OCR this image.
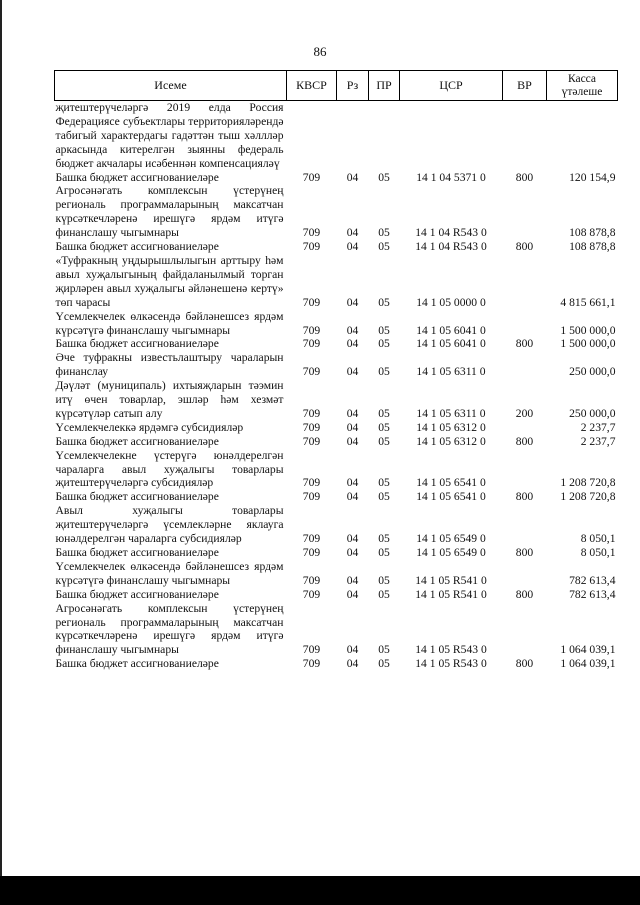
86
Исеме	КВСР	Рз	ПР	ЦСР	ВР	Касса
үтәлеше
җитештерүчеләргә 2019 елда Россия Федерациясе субъектлары территорияләрендә табигый характердагы гадәттән тыш хәллләр аркасында китерелгән зыянны федераль бюджет акчалары исәбеннән компенсацияләү						
Башка бюджет ассигнованиеләре	709	04	05	14 1 04 5371 0	800	120 154,9
Агросәнәгать комплексын үстерүнең региональ программаларының максатчан күрсәткечләренә ирешүгә ярдәм итүгә финанслашу чыгымнары	709	04	05	14 1 04 R543 0		108 878,8
Башка бюджет ассигнованиеләре	709	04	05	14 1 04 R543 0	800	108 878,8
«Туфракның уңдырышлылыгын арттыру һәм авыл хуҗалыгының файдаланылмый торган җирләрен авыл хуҗалыгы әйләнешенә кертү» төп чарасы	709	04	05	14 1 05 0000 0		4 815 661,1
Үсемлекчелек өлкәсендә бәйләнешсез ярдәм күрсәтүгә финанслашу чыгымнары	709	04	05	14 1 05 6041 0		1 500 000,0
Башка бюджет ассигнованиеләре	709	04	05	14 1 05 6041 0	800	1 500 000,0
Әче туфракны известьлаштыру чараларын финанслау	709	04	05	14 1 05 6311 0		250 000,0
Дәүләт (муниципаль) ихтыяҗларын тәэмин итү өчен товарлар, эшләр һәм хезмәт күрсәтүләр сатып алу	709	04	05	14 1 05 6311 0	200	250 000,0
Үсемлекчелеккә ярдәмгә субсидияләр	709	04	05	14 1 05 6312 0		2 237,7
Башка бюджет ассигнованиеләре	709	04	05	14 1 05 6312 0	800	2 237,7
Үсемлекчелекне үстерүгә юнәлдерелгән чараларга авыл хуҗалыгы товарлары җитештерүчеләргә субсидияләр	709	04	05	14 1 05 6541 0		1 208 720,8
Башка бюджет ассигнованиеләре	709	04	05	14 1 05 6541 0	800	1 208 720,8
Авыл хуҗалыгы товарлары җитештерүчеләргә үсемлекләрне яклауга юнәлдерелгән чараларга субсидияләр	709	04	05	14 1 05 6549 0		8 050,1
Башка бюджет ассигнованиеләре	709	04	05	14 1 05 6549 0	800	8 050,1
Үсемлекчелек өлкәсендә бәйләнешсез ярдәм күрсәтүгә финанслашу чыгымнары	709	04	05	14 1 05 R541 0		782 613,4
Башка бюджет ассигнованиеләре	709	04	05	14 1 05 R541 0	800	782 613,4
Агросәнәгать комплексын үстерүнең региональ программаларының максатчан күрсәткечләренә ирешүгә ярдәм итүгә финанслашу чыгымнары	709	04	05	14 1 05 R543 0		1 064 039,1
Башка бюджет ассигнованиеләре	709	04	05	14 1 05 R543 0	800	1 064 039,1
